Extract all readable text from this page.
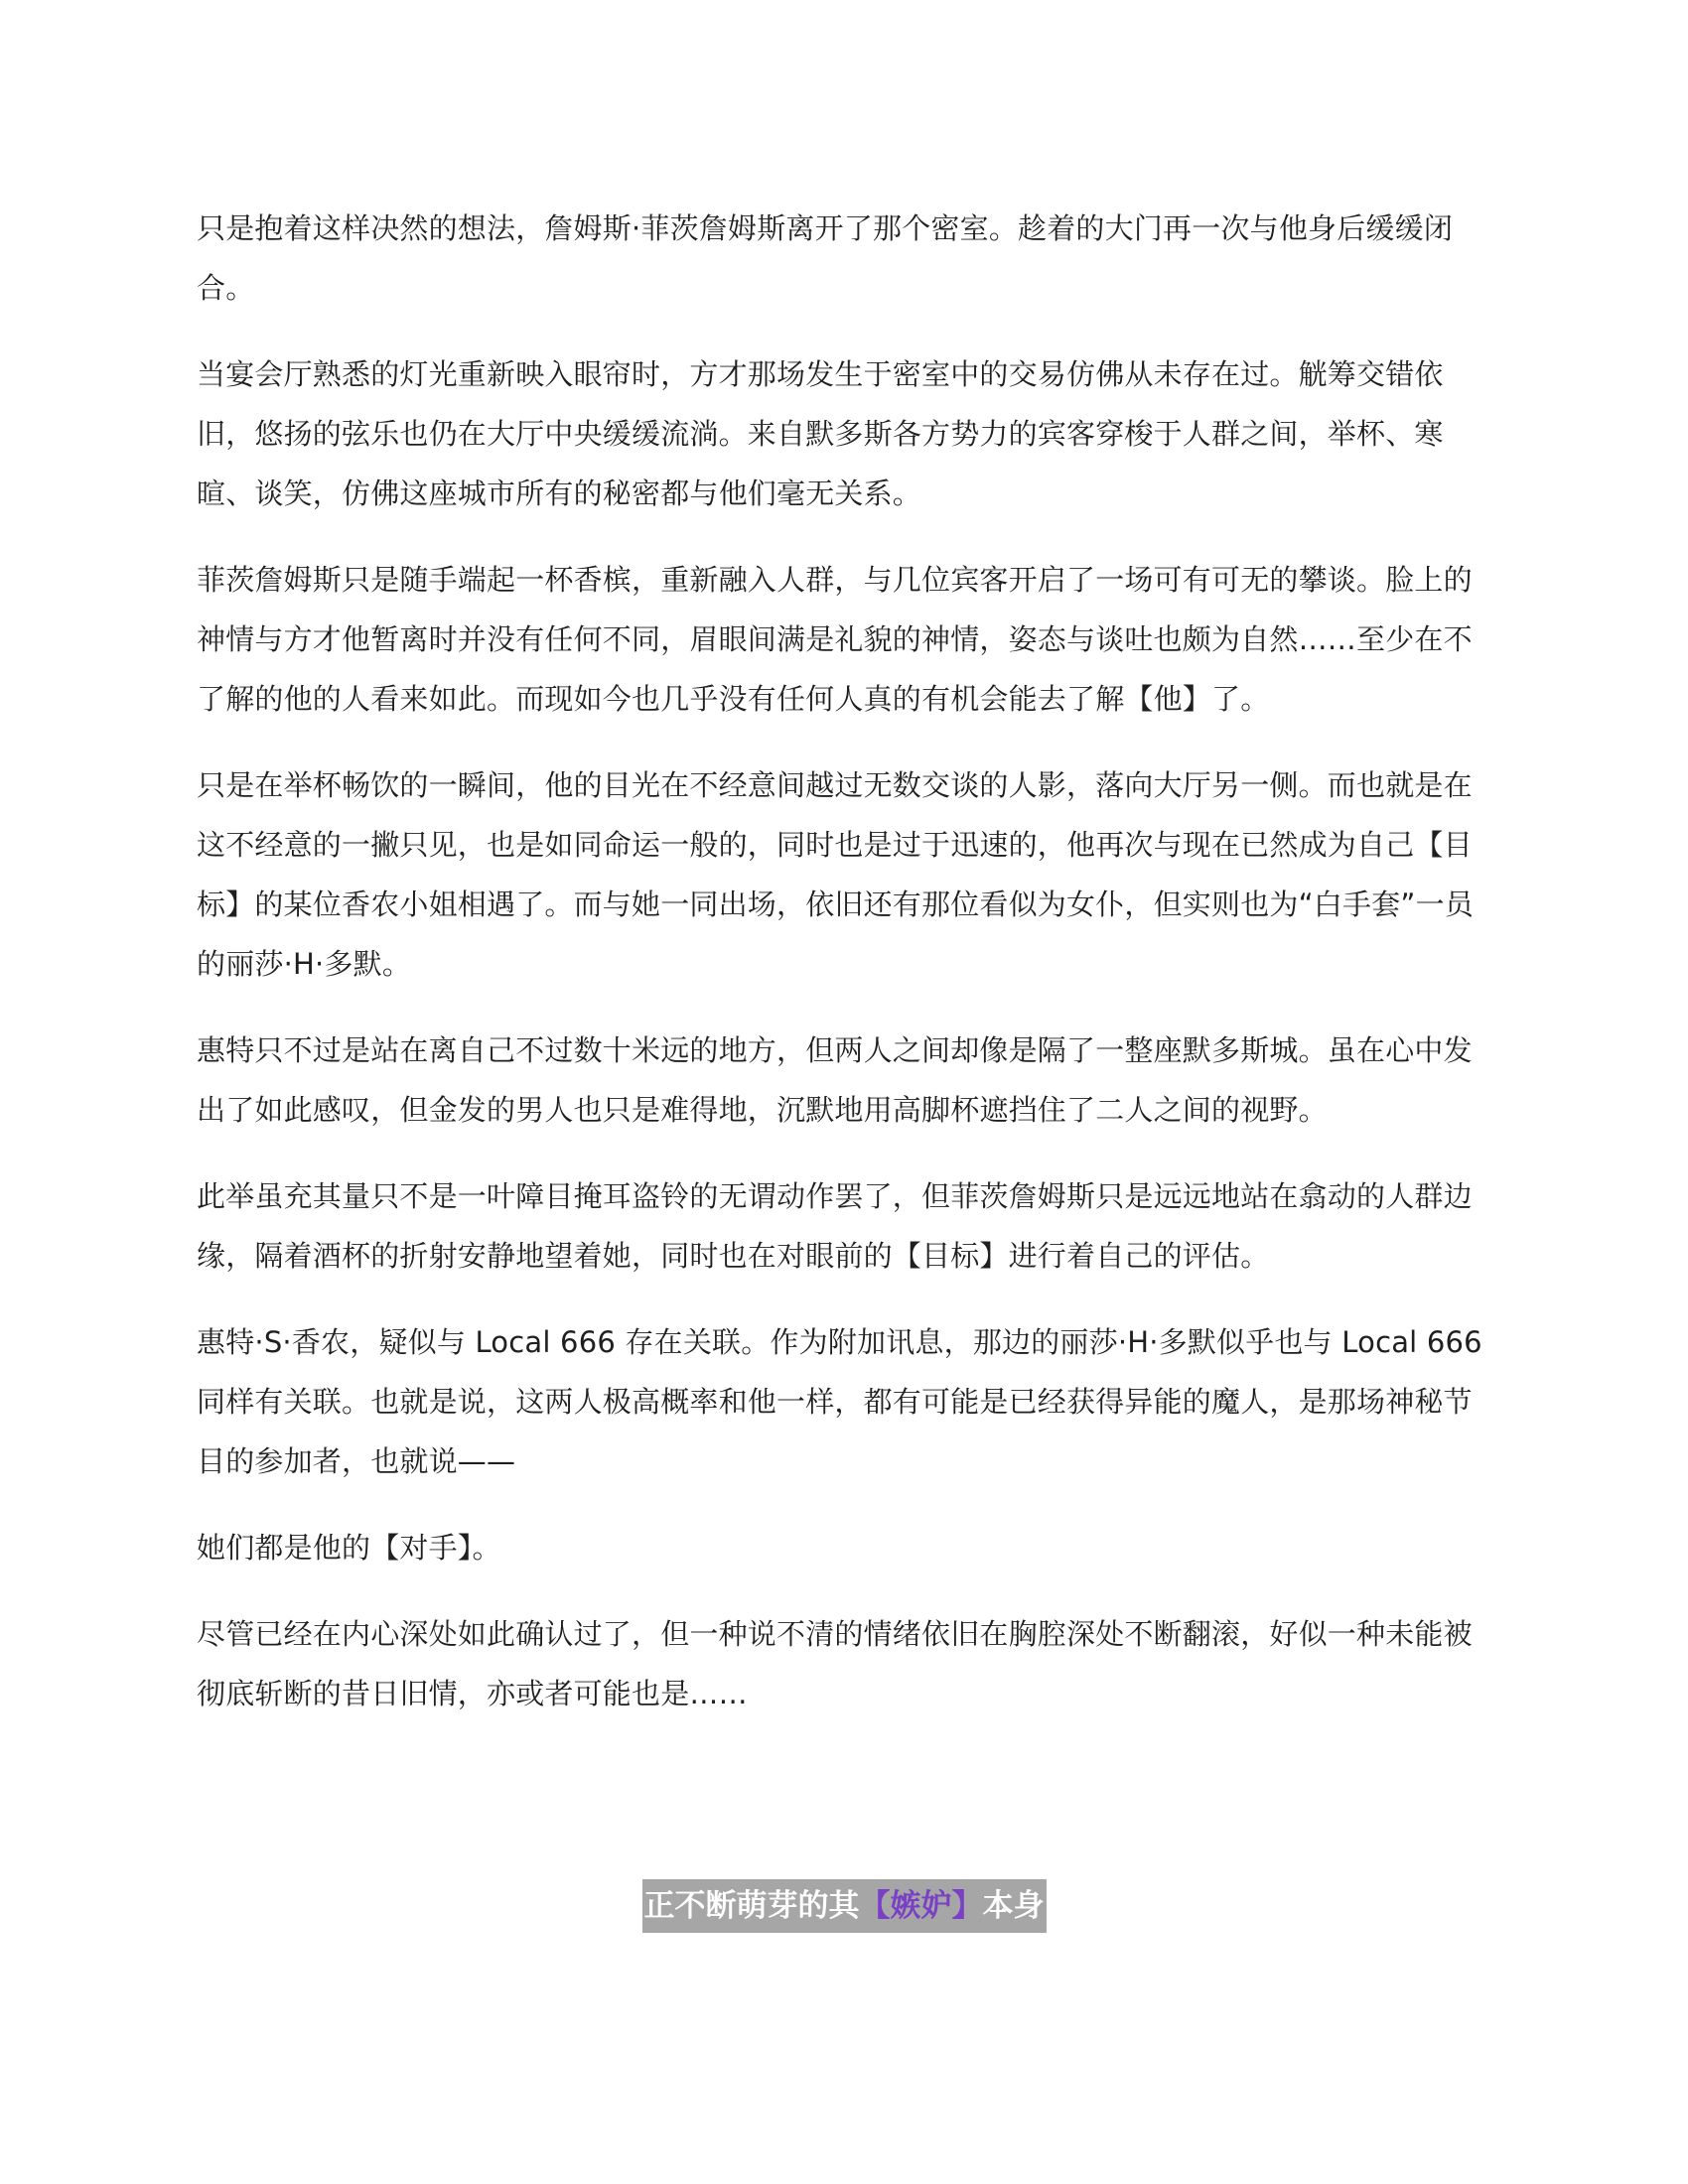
只是抱着这样决然的想法，詹姆斯·菲茨詹姆斯离开了那个密室。趁着的大门再一次与他身后缓缓闭合。

当宴会厅熟悉的灯光重新映入眼帘时，方才那场发生于密室中的交易仿佛从未存在过。觥筹交错依旧，悠扬的弦乐也仍在大厅中央缓缓流淌。来自默多斯各方势力的宾客穿梭于人群之间，举杯、寒暄、谈笑，仿佛这座城市所有的秘密都与他们毫无关系。

菲茨詹姆斯只是随手端起一杯香槟，重新融入人群，与几位宾客开启了一场可有可无的攀谈。脸上的神情与方才他暂离时并没有任何不同，眉眼间满是礼貌的神情，姿态与谈吐也颇为自然……至少在不了解的他的人看来如此。而现如今也几乎没有任何人真的有机会能去了解【他】了。

只是在举杯畅饮的一瞬间，他的目光在不经意间越过无数交谈的人影，落向大厅另一侧。而也就是在这不经意的一撇只见，也是如同命运一般的，同时也是过于迅速的，他再次与现在已然成为自己【目标】的某位香农小姐相遇了。而与她一同出场，依旧还有那位看似为女仆，但实则也为“白手套”一员的丽莎·H·多默。

惠特只不过是站在离自己不过数十米远的地方，但两人之间却像是隔了一整座默多斯城。虽在心中发出了如此感叹，但金发的男人也只是难得地，沉默地用高脚杯遮挡住了二人之间的视野。

此举虽充其量只不是一叶障目掩耳盗铃的无谓动作罢了，但菲茨詹姆斯只是远远地站在翕动的人群边缘，隔着酒杯的折射安静地望着她，同时也在对眼前的【目标】进行着自己的评估。

惠特·S·香农，疑似与 Local 666 存在关联。作为附加讯息，那边的丽莎·H·多默似乎也与 Local 666 同样有关联。也就是说，这两人极高概率和他一样，都有可能是已经获得异能的魔人，是那场神秘节目的参加者，也就说——

她们都是他的【对手】。

尽管已经在内心深处如此确认过了，但一种说不清的情绪依旧在胸腔深处不断翻滚，好似一种未能被彻底斩断的昔日旧情，亦或者可能也是……

正不断萌芽的其【嫉妒】本身
